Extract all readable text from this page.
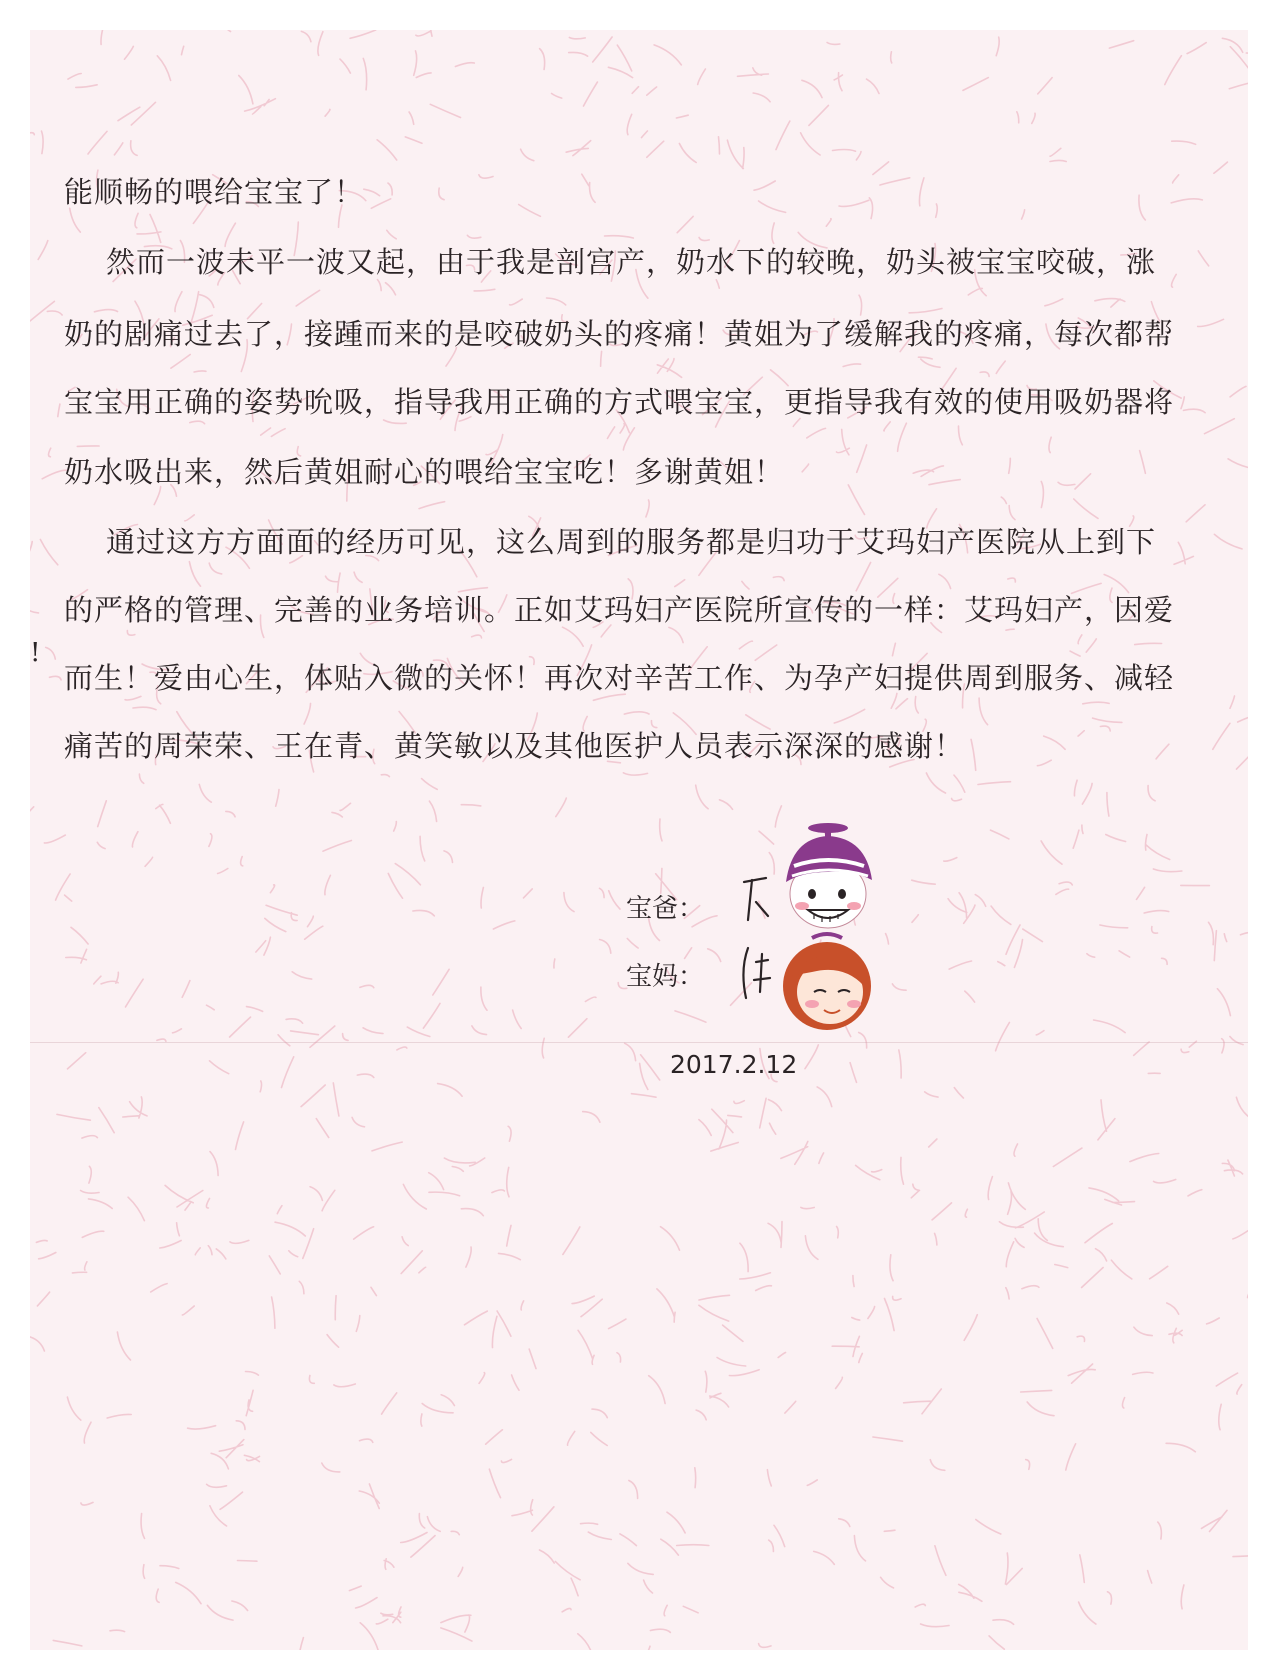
能顺畅的喂给宝宝了！
然而一波未平一波又起，由于我是剖宫产，奶水下的较晚，奶头被宝宝咬破，涨
奶的剧痛过去了，接踵而来的是咬破奶头的疼痛！黄姐为了缓解我的疼痛，每次都帮
宝宝用正确的姿势吮吸，指导我用正确的方式喂宝宝，更指导我有效的使用吸奶器将
奶水吸出来，然后黄姐耐心的喂给宝宝吃！多谢黄姐！
通过这方方面面的经历可见，这么周到的服务都是归功于艾玛妇产医院从上到下
的严格的管理、完善的业务培训。正如艾玛妇产医院所宣传的一样：艾玛妇产，因爱
而生！爱由心生，体贴入微的关怀！再次对辛苦工作、为孕产妇提供周到服务、减轻
痛苦的周荣荣、王在青、黄笑敏以及其他医护人员表示深深的感谢！
!
宝爸：
宝妈：
2017.2.12
